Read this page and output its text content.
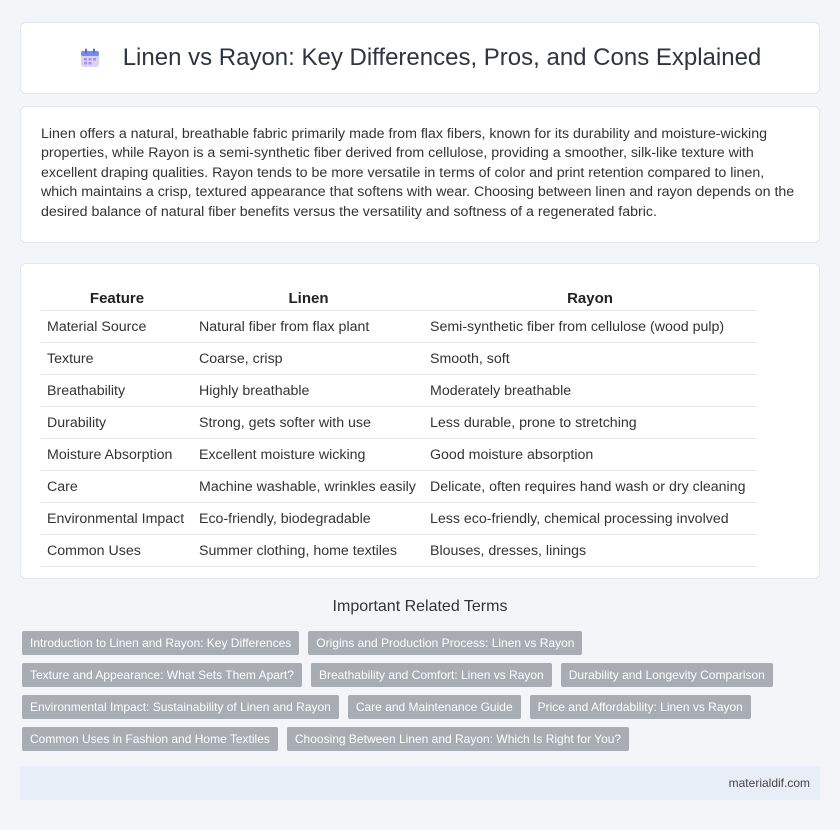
Linen vs Rayon: Key Differences, Pros, and Cons Explained

Linen offers a natural, breathable fabric primarily made from flax fibers, known for its durability and moisture-wicking properties, while Rayon is a semi-synthetic fiber derived from cellulose, providing a smoother, silk-like texture with excellent draping qualities. Rayon tends to be more versatile in terms of color and print retention compared to linen, which maintains a crisp, textured appearance that softens with wear. Choosing between linen and rayon depends on the desired balance of natural fiber benefits versus the versatility and softness of a regenerated fabric.

Feature	Linen	Rayon
Material Source	Natural fiber from flax plant	Semi-synthetic fiber from cellulose (wood pulp)
Texture	Coarse, crisp	Smooth, soft
Breathability	Highly breathable	Moderately breathable
Durability	Strong, gets softer with use	Less durable, prone to stretching
Moisture Absorption	Excellent moisture wicking	Good moisture absorption
Care	Machine washable, wrinkles easily	Delicate, often requires hand wash or dry cleaning
Environmental Impact	Eco-friendly, biodegradable	Less eco-friendly, chemical processing involved
Common Uses	Summer clothing, home textiles	Blouses, dresses, linings
Important Related Terms
Introduction to Linen and Rayon: Key Differences	Origins and Production Process: Linen vs Rayon
Texture and Appearance: What Sets Them Apart?	Breathability and Comfort: Linen vs Rayon	Durability and Longevity Comparison
Environmental Impact: Sustainability of Linen and Rayon	Care and Maintenance Guide	Price and Affordability: Linen vs Rayon
Common Uses in Fashion and Home Textiles	Choosing Between Linen and Rayon: Which Is Right for You?
materialdif.com
